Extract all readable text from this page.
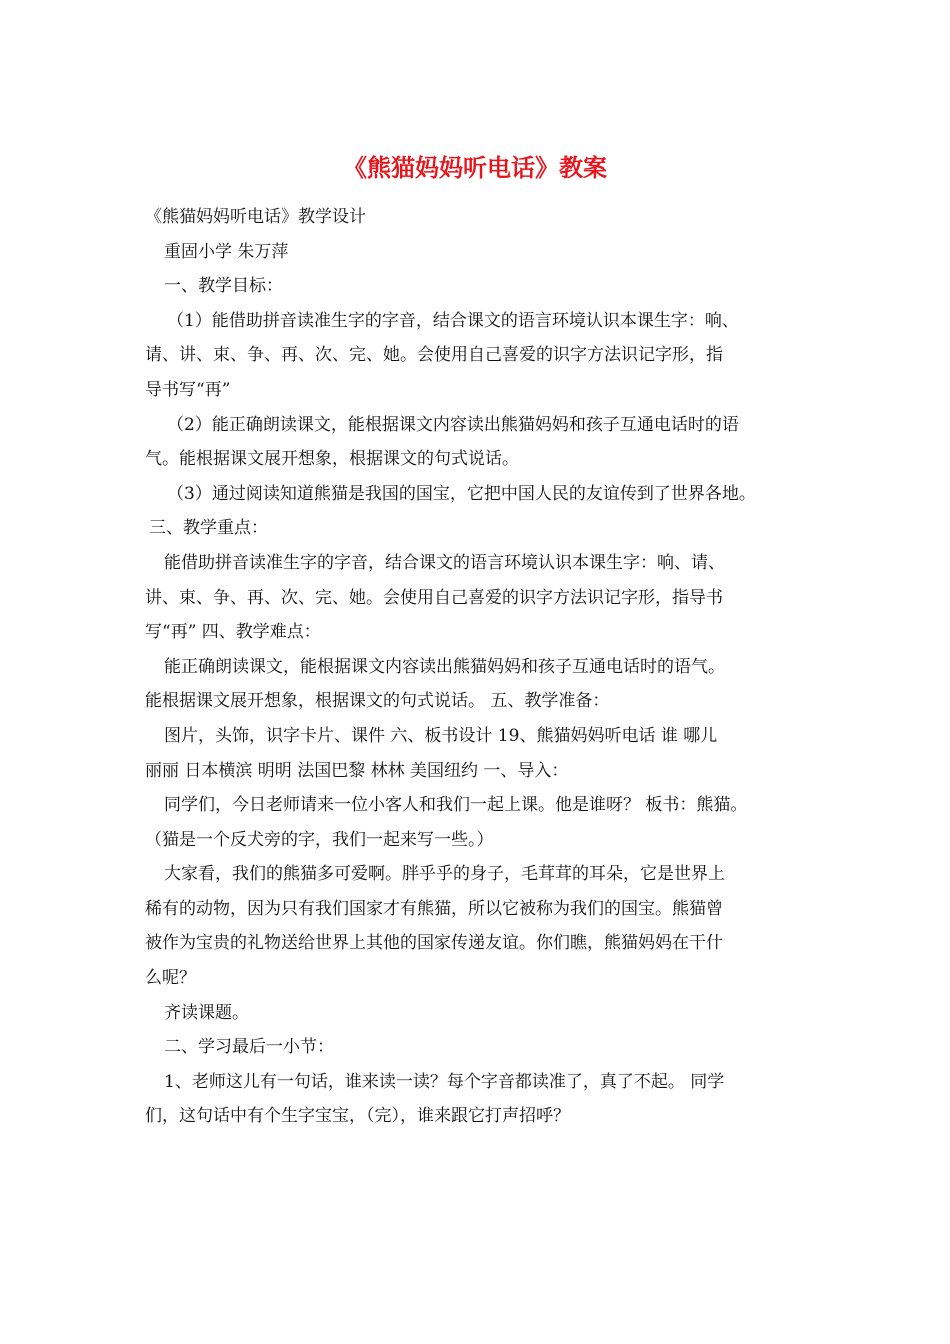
《熊猫妈妈听电话》教案
《熊猫妈妈听电话》教学设计
重固小学 朱万萍
一、教学目标：
（1）能借助拼音读准生字的字音，结合课文的语言环境认识本课生字：响、
请、讲、束、争、再、次、完、她。会使用自己喜爱的识字方法识记字形，指
导书写“再”
（2）能正确朗读课文，能根据课文内容读出熊猫妈妈和孩子互通电话时的语
气。能根据课文展开想象，根据课文的句式说话。
（3）通过阅读知道熊猫是我国的国宝，它把中国人民的友谊传到了世界各地。
三、教学重点：
能借助拼音读准生字的字音，结合课文的语言环境认识本课生字：响、请、
讲、束、争、再、次、完、她。会使用自己喜爱的识字方法识记字形，指导书
写“再” 四、教学难点：
能正确朗读课文，能根据课文内容读出熊猫妈妈和孩子互通电话时的语气。
能根据课文展开想象，根据课文的句式说话。 五、教学准备：
图片，头饰，识字卡片、课件 六、板书设计 19、熊猫妈妈听电话 谁 哪儿
丽丽 日本横滨 明明 法国巴黎 林林 美国纽约 一、导入：
同学们，今日老师请来一位小客人和我们一起上课。他是谁呀？ 板书：熊猫。
（猫是一个反犬旁的字，我们一起来写一些。）
大家看，我们的熊猫多可爱啊。胖乎乎的身子，毛茸茸的耳朵，它是世界上
稀有的动物，因为只有我们国家才有熊猫，所以它被称为我们的国宝。熊猫曾
被作为宝贵的礼物送给世界上其他的国家传递友谊。你们瞧，熊猫妈妈在干什
么呢？
齐读课题。
二、学习最后一小节：
1、老师这儿有一句话，谁来读一读？每个字音都读准了，真了不起。 同学
们，这句话中有个生字宝宝，（完），谁来跟它打声招呼？
